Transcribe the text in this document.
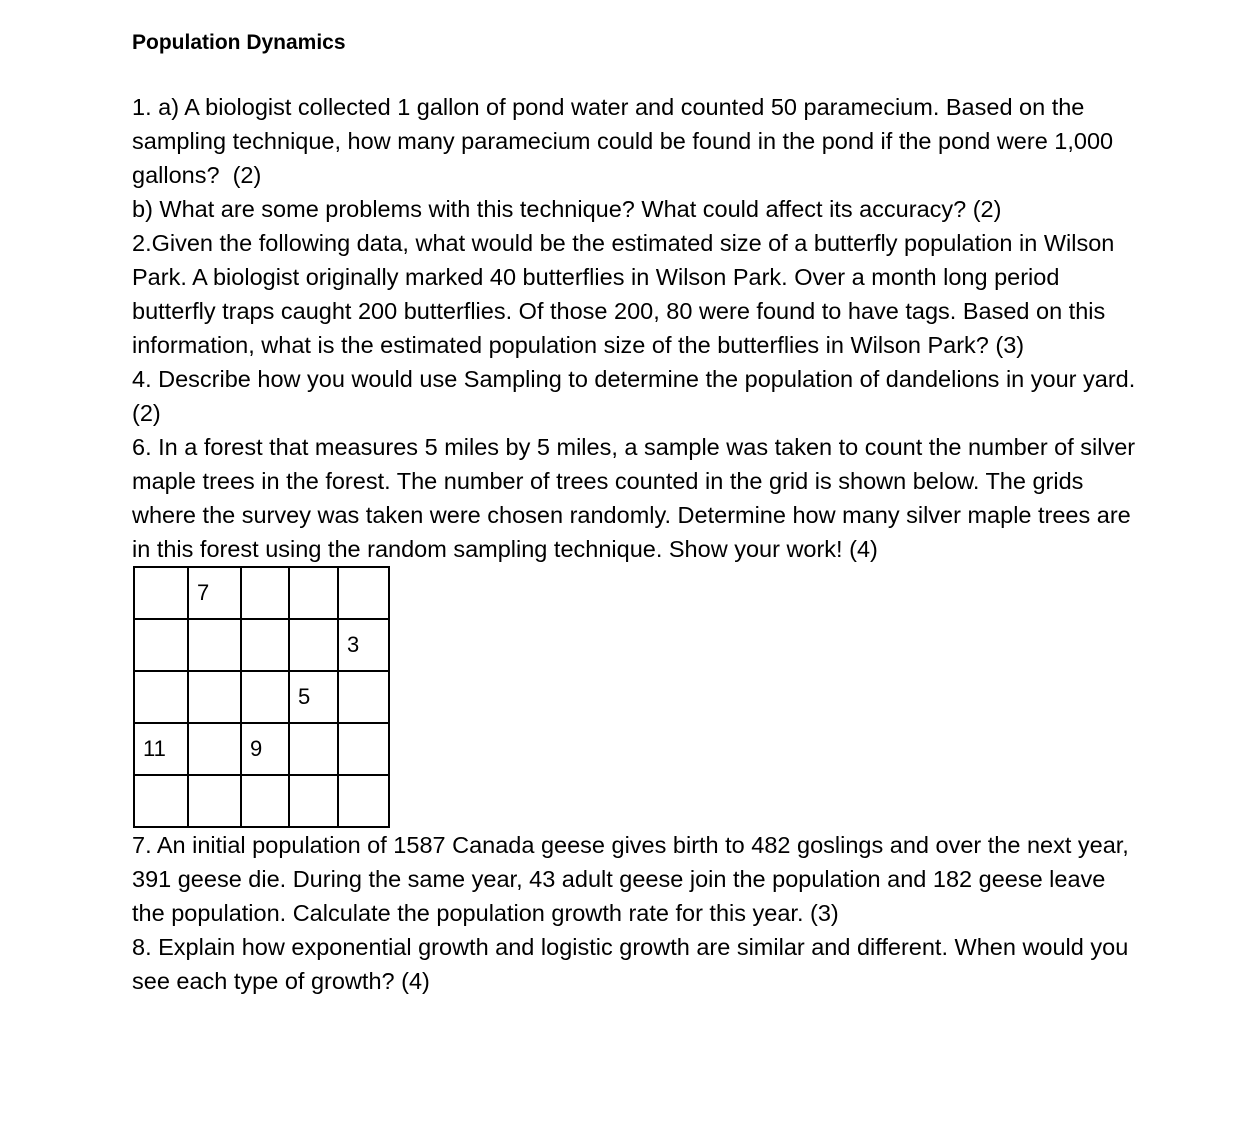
Population Dynamics

1. a) A biologist collected 1 gallon of pond water and counted 50 paramecium. Based on the sampling technique, how many paramecium could be found in the pond if the pond were 1,000 gallons?  (2)

b) What are some problems with this technique? What could affect its accuracy? (2)

2.Given the following data, what would be the estimated size of a butterfly population in Wilson Park. A biologist originally marked 40 butterflies in Wilson Park. Over a month long period butterfly traps caught 200 butterflies. Of those 200, 80 were found to have tags. Based on this information, what is the estimated population size of the butterflies in Wilson Park? (3)

4. Describe how you would use Sampling to determine the population of dandelions in your yard. (2)

6. In a forest that measures 5 miles by 5 miles, a sample was taken to count the number of silver maple trees in the forest. The number of trees counted in the grid is shown below. The grids where the survey was taken were chosen randomly. Determine how many silver maple trees are in this forest using the random sampling technique. Show your work! (4)

	7			
				3
			5	
11		9		

7. An initial population of 1587 Canada geese gives birth to 482 goslings and over the next year, 391 geese die. During the same year, 43 adult geese join the population and 182 geese leave the population. Calculate the population growth rate for this year. (3)

8. Explain how exponential growth and logistic growth are similar and different. When would you see each type of growth? (4)
